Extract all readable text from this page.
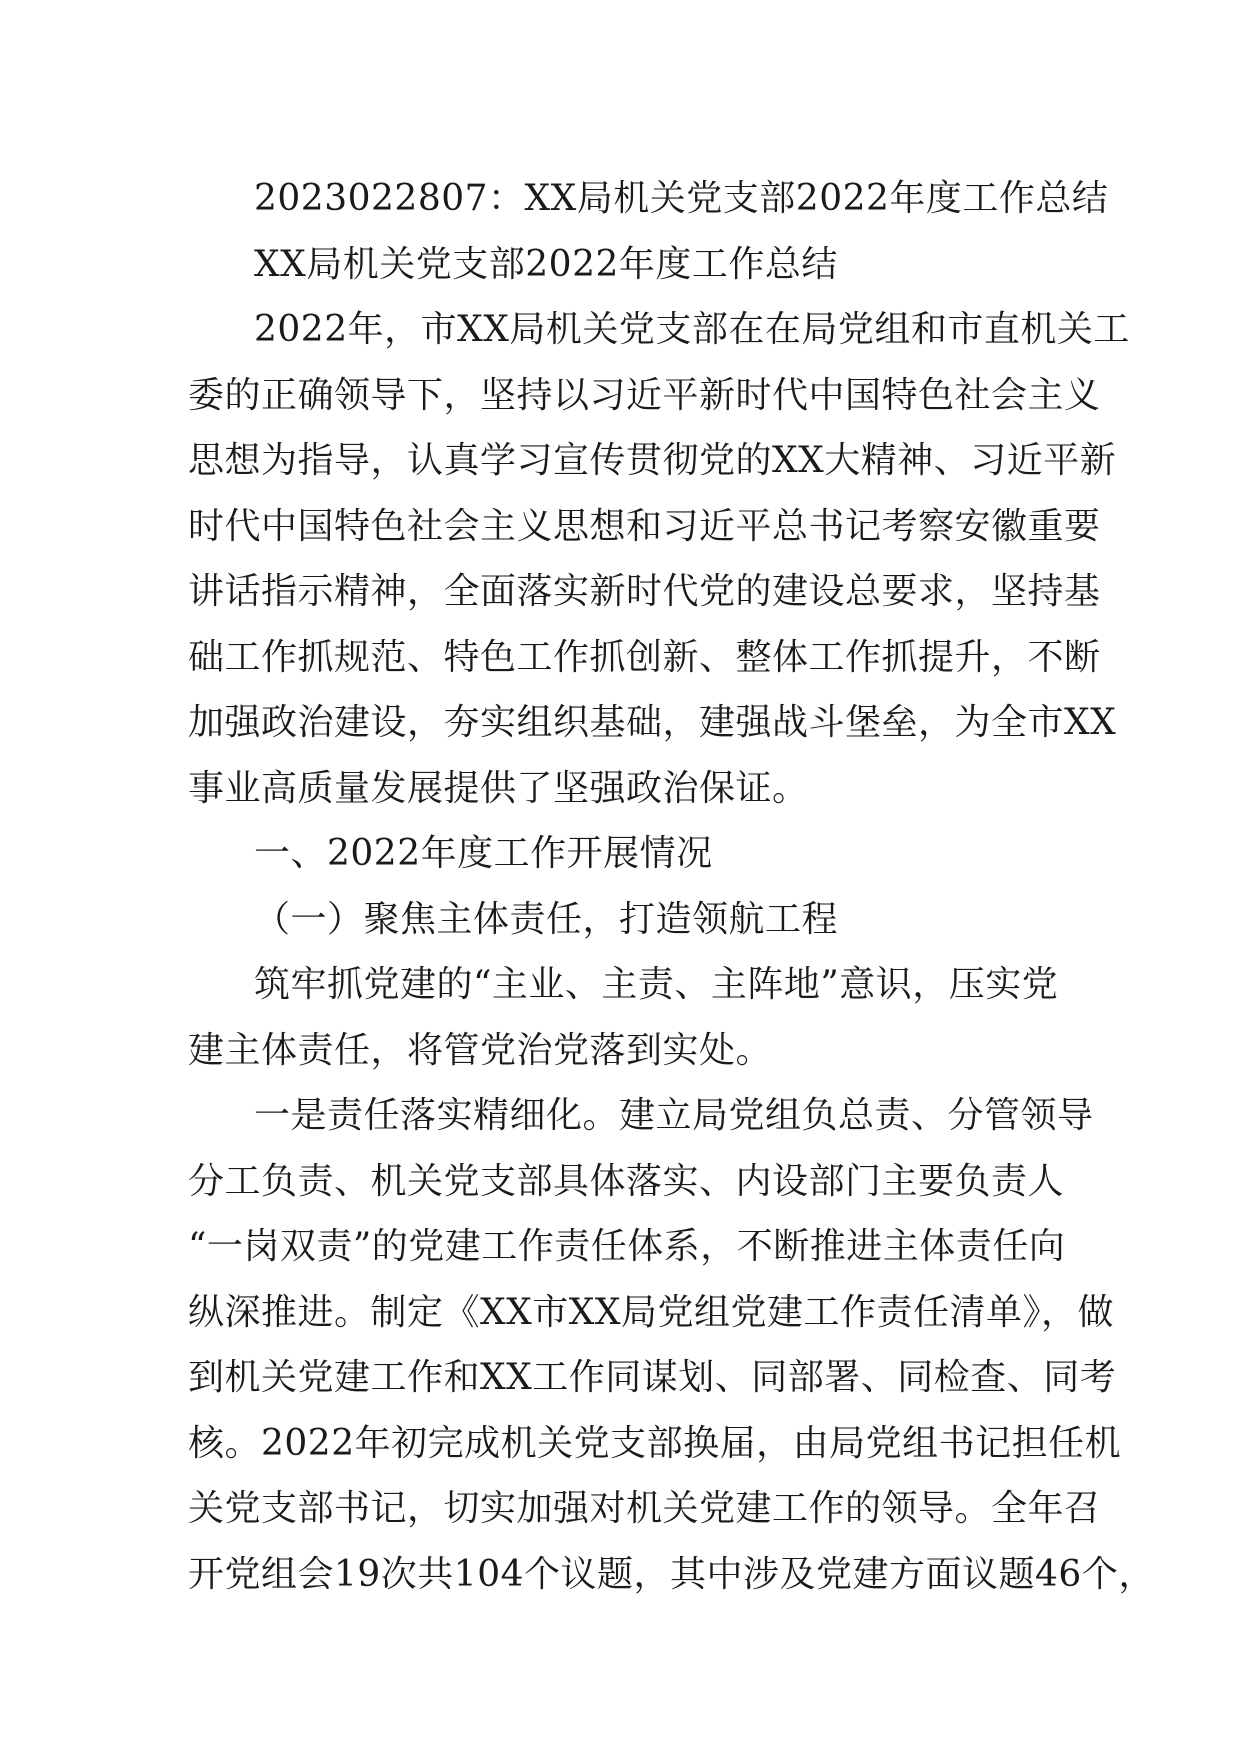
2023022807：XX局机关党支部2022年度工作总结
XX局机关党支部2022年度工作总结
2022年，市XX局机关党支部在在局党组和市直机关工
委的正确领导下，坚持以习近平新时代中国特色社会主义
思想为指导，认真学习宣传贯彻党的XX大精神、习近平新
时代中国特色社会主义思想和习近平总书记考察安徽重要
讲话指示精神，全面落实新时代党的建设总要求，坚持基
础工作抓规范、特色工作抓创新、整体工作抓提升，不断
加强政治建设，夯实组织基础，建强战斗堡垒，为全市XX
事业高质量发展提供了坚强政治保证。
一、2022年度工作开展情况
（一）聚焦主体责任，打造领航工程
筑牢抓党建的“主业、主责、主阵地”意识，压实党
建主体责任，将管党治党落到实处。
一是责任落实精细化。建立局党组负总责、分管领导
分工负责、机关党支部具体落实、内设部门主要负责人
“一岗双责”的党建工作责任体系，不断推进主体责任向
纵深推进。制定《XX市XX局党组党建工作责任清单》，做
到机关党建工作和XX工作同谋划、同部署、同检查、同考
核。2022年初完成机关党支部换届，由局党组书记担任机
关党支部书记，切实加强对机关党建工作的领导。全年召
开党组会19次共104个议题，其中涉及党建方面议题46个，
